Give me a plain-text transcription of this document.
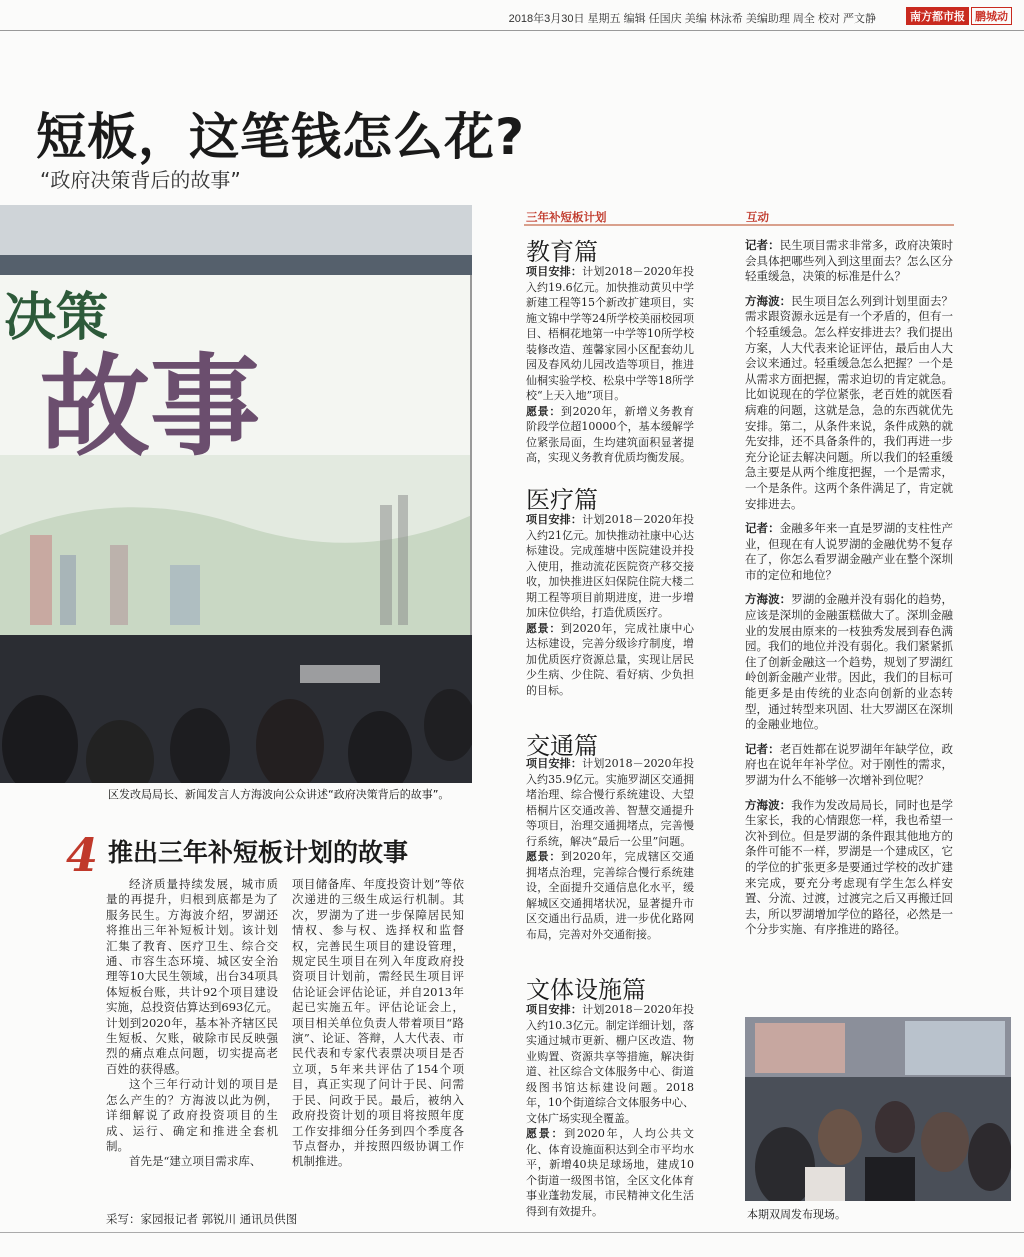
2018年3月30日 星期五 编辑 任国庆 美编 林泳希 美编助理 周全 校对 严文静	南方都市报 鹏城动
短板，这笔钱怎么花?
“政府决策背后的故事”
决策
故事
区发改局局长、新闻发言人方海波向公众讲述“政府决策背后的故事”。
4 推出三年补短板计划的故事

经济质量持续发展，城市质量的再提升，归根到底都是为了服务民生。方海波介绍，罗湖还将推出三年补短板计划。该计划汇集了教育、医疗卫生、综合交通、市容生态环境、城区安全治理等10大民生领域，出台34项具体短板台账，共计92个项目建设实施，总投资估算达到693亿元。计划到2020年，基本补齐辖区民生短板、欠账，破除市民反映强烈的痛点难点问题，切实提高老百姓的获得感。

这个三年行动计划的项目是怎么产生的？方海波以此为例，详细解说了政府投资项目的生成、运行、确定和推进全套机制。

首先是“建立项目需求库、

项目储备库、年度投资计划”等依次递进的三级生成运行机制。其次，罗湖为了进一步保障居民知情权、参与权、选择权和监督权，完善民生项目的建设管理，规定民生项目在列入年度政府投资项目计划前，需经民生项目评估论证会评估论证，并自2013年起已实施五年。评估论证会上，项目相关单位负责人带着项目“路演”、论证、答辩，人大代表、市民代表和专家代表票决项目是否立项，5年来共评估了154个项目，真正实现了问计于民、问需于民、问政于民。最后，被纳入政府投资计划的项目将按照年度工作安排细分任务到四个季度各节点督办，并按照四级协调工作机制推进。

采写：家园报记者 郭锐川 通讯员供图
三年补短板计划	互动
教育篇
项目安排：计划2018－2020年投入约19.6亿元。加快推动黄贝中学新建工程等15个新改扩建项目，实施文锦中学等24所学校美丽校园项目、梧桐花地第一中学等10所学校装修改造、莲馨家园小区配套幼儿园及春风幼儿园改造等项目，推进仙桐实验学校、松泉中学等18所学校“上天入地”项目。
愿景：到2020年，新增义务教育阶段学位超10000个，基本缓解学位紧张局面，生均建筑面积显著提高，实现义务教育优质均衡发展。
医疗篇
项目安排：计划2018－2020年投入约21亿元。加快推动社康中心达标建设。完成莲塘中医院建设并投入使用，推动流花医院资产移交接收，加快推进区妇保院住院大楼二期工程等项目前期进度，进一步增加床位供给，打造优质医疗。
愿景：到2020年，完成社康中心达标建设，完善分级诊疗制度，增加优质医疗资源总量，实现让居民少生病、少住院、看好病、少负担的目标。
交通篇
项目安排：计划2018－2020年投入约35.9亿元。实施罗湖区交通拥堵治理、综合慢行系统建设、大望梧桐片区交通改善、智慧交通提升等项目，治理交通拥堵点，完善慢行系统，解决“最后一公里”问题。
愿景：到2020年，完成辖区交通拥堵点治理，完善综合慢行系统建设，全面提升交通信息化水平，缓解城区交通拥堵状况，显著提升市区交通出行品质，进一步优化路网布局，完善对外交通衔接。
文体设施篇
项目安排：计划2018－2020年投入约10.3亿元。制定详细计划，落实通过城市更新、棚户区改造、物业购置、资源共享等措施，解决街道、社区综合文体服务中心、街道级图书馆达标建设问题。2018年，10个街道综合文体服务中心、文体广场实现全覆盖。
愿景：到2020年，人均公共文化、体育设施面积达到全市平均水平，新增40块足球场地，建成10个街道一级图书馆，全区文化体育事业蓬勃发展，市民精神文化生活得到有效提升。

记者：民生项目需求非常多，政府决策时会具体把哪些列入到这里面去？怎么区分轻重缓急，决策的标准是什么？

方海波：民生项目怎么列到计划里面去？需求跟资源永远是有一个矛盾的，但有一个轻重缓急。怎么样安排进去？我们提出方案，人大代表来论证评估，最后由人大会议来通过。轻重缓急怎么把握？一个是从需求方面把握，需求迫切的肯定就急。比如说现在的学位紧张，老百姓的就医看病难的问题，这就是急，急的东西就优先安排。第二，从条件来说，条件成熟的就先安排，还不具备条件的，我们再进一步充分论证去解决问题。所以我们的轻重缓急主要是从两个维度把握，一个是需求，一个是条件。这两个条件满足了，肯定就安排进去。

记者：金融多年来一直是罗湖的支柱性产业，但现在有人说罗湖的金融优势不复存在了，你怎么看罗湖金融产业在整个深圳市的定位和地位？

方海波：罗湖的金融并没有弱化的趋势，应该是深圳的金融蛋糕做大了。深圳金融业的发展由原来的一枝独秀发展到春色满园。我们的地位并没有弱化。我们紧紧抓住了创新金融这一个趋势，规划了罗湖红岭创新金融产业带。因此，我们的目标可能更多是由传统的业态向创新的业态转型，通过转型来巩固、壮大罗湖区在深圳的金融业地位。

记者：老百姓都在说罗湖年年缺学位，政府也在说年年补学位。对于刚性的需求，罗湖为什么不能够一次增补到位呢？

方海波：我作为发改局局长，同时也是学生家长，我的心情跟您一样，我也希望一次补到位。但是罗湖的条件跟其他地方的条件可能不一样，罗湖是一个建成区，它的学位的扩张更多是要通过学校的改扩建来完成，要充分考虑现有学生怎么样安置、分流、过渡，过渡完之后又再搬迁回去，所以罗湖增加学位的路径，必然是一个分步实施、有序推进的路径。

本期双周发布现场。
